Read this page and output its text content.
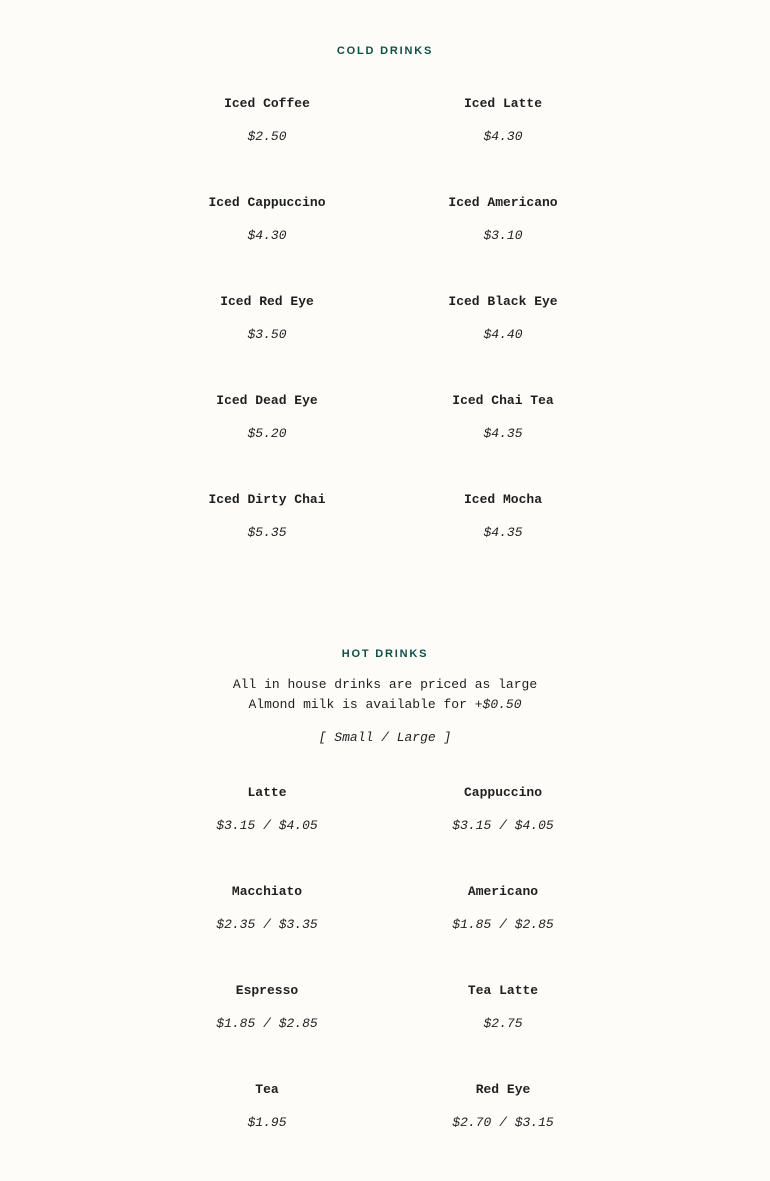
COLD DRINKS
Iced Coffee
$2.50
Iced Latte
$4.30
Iced Cappuccino
$4.30
Iced Americano
$3.10
Iced Red Eye
$3.50
Iced Black Eye
$4.40
Iced Dead Eye
$5.20
Iced Chai Tea
$4.35
Iced Dirty Chai
$5.35
Iced Mocha
$4.35
HOT DRINKS

All in house drinks are priced as large
Almond milk is available for +$0.50

[ Small / Large ]

Latte
$3.15 / $4.05
Cappuccino
$3.15 / $4.05
Macchiato
$2.35 / $3.35
Americano
$1.85 / $2.85
Espresso
$1.85 / $2.85
Tea Latte
$2.75
Tea
$1.95
Red Eye
$2.70 / $3.15
